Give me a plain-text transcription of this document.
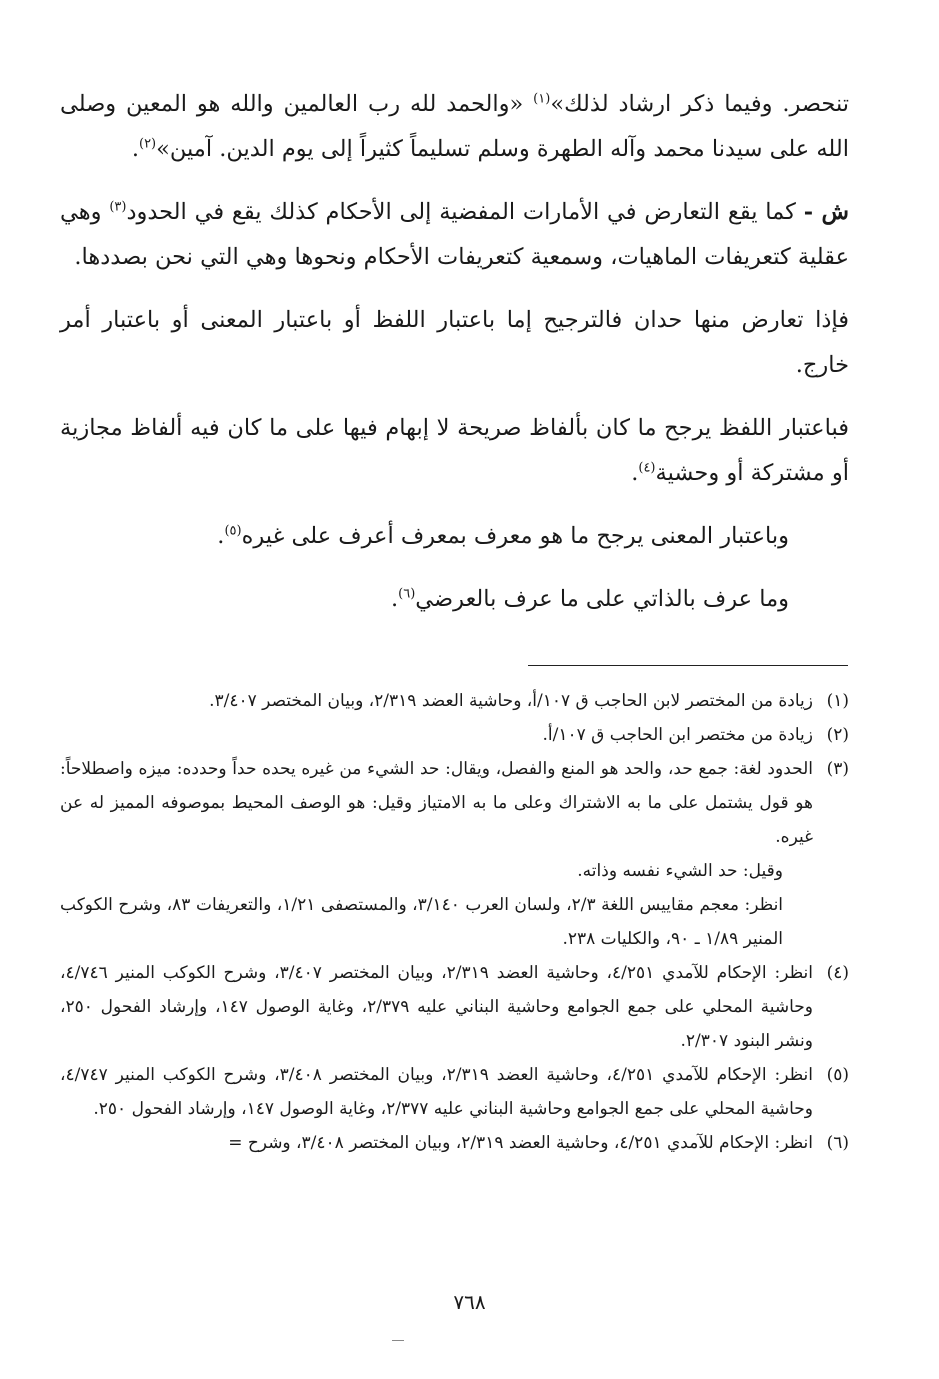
تنحصر. وفيما ذكر ارشاد لذلك»$^{(١)}$ «والحمد لله رب العالمين والله هو المعين وصلى الله على سيدنا محمد وآله الطهرة وسلم تسليماً كثيراً إلى يوم الدين. آمين»$^{(٢)}$.

ش - كما يقع التعارض في الأمارات المفضية إلى الأحكام كذلك يقع في الحدود$^{(٣)}$ وهي عقلية كتعريفات الماهيات، وسمعية كتعريفات الأحكام ونحوها وهي التي نحن بصددها.

فإذا تعارض منها حدان فالترجيح إما باعتبار اللفظ أو باعتبار المعنى أو باعتبار أمر خارج.

فباعتبار اللفظ يرجح ما كان بألفاظ صريحة لا إبهام فيها على ما كان فيه ألفاظ مجازية أو مشتركة أو وحشية$^{(٤)}$.

وباعتبار المعنى يرجح ما هو معرف بمعرف أعرف على غيره$^{(٥)}$.

وما عرف بالذاتي على ما عرف بالعرضي$^{(٦)}$.

(١)
زيادة من المختصر لابن الحاجب ق ١٠٧/أ، وحاشية العضد ٢/٣١٩، وبيان المختصر ٣/٤٠٧.
(٢)
زيادة من مختصر ابن الحاجب ق ١٠٧/أ.
(٣)
الحدود لغة: جمع حد، والحد هو المنع والفصل، ويقال: حد الشيء من غيره يحده حداً وحدده: ميزه واصطلاحاً: هو قول يشتمل على ما به الاشتراك وعلى ما به الامتياز وقيل: هو الوصف المحيط بموصوفه المميز له عن غيره.
وقيل: حد الشيء نفسه وذاته.
انظر: معجم مقاييس اللغة ٢/٣، ولسان العرب ٣/١٤٠، والمستصفى ١/٢١، والتعريفات ٨٣، وشرح الكوكب المنير ١/٨٩ ـ ٩٠، والكليات ٢٣٨.
(٤)
انظر: الإحكام للآمدي ٤/٢٥١، وحاشية العضد ٢/٣١٩، وبيان المختصر ٣/٤٠٧، وشرح الكوكب المنير ٤/٧٤٦، وحاشية المحلي على جمع الجوامع وحاشية البناني عليه ٢/٣٧٩، وغاية الوصول ١٤٧، وإرشاد الفحول ٢٥٠، ونشر البنود ٢/٣٠٧.
(٥)
انظر: الإحكام للآمدي ٤/٢٥١، وحاشية العضد ٢/٣١٩، وبيان المختصر ٣/٤٠٨، وشرح الكوكب المنير ٤/٧٤٧، وحاشية المحلي على جمع الجوامع وحاشية البناني عليه ٢/٣٧٧، وغاية الوصول ١٤٧، وإرشاد الفحول ٢٥٠.
(٦)
انظر: الإحكام للآمدي ٤/٢٥١، وحاشية العضد ٢/٣١٩، وبيان المختصر ٣/٤٠٨، وشرح =
٧٦٨
